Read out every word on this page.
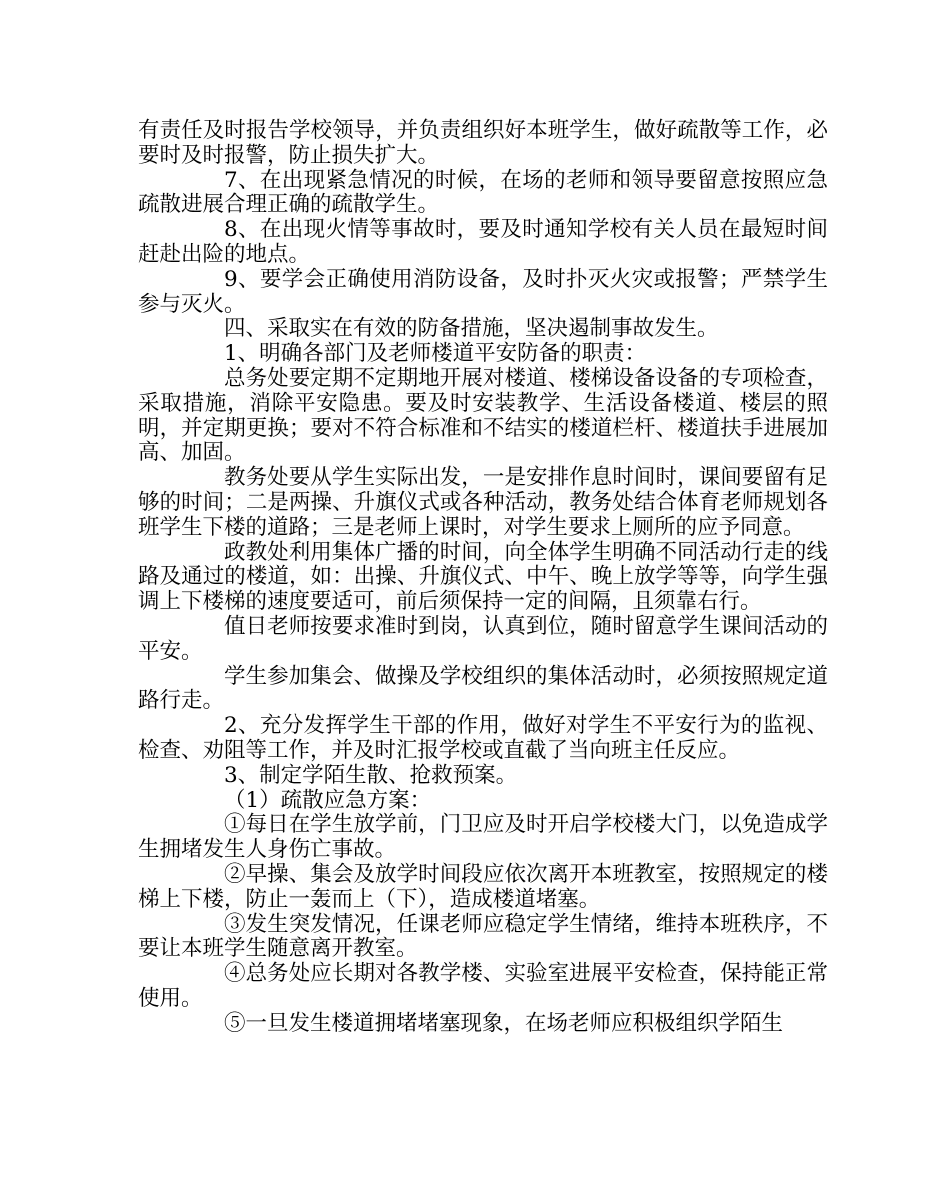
有责任及时报告学校领导，并负责组织好本班学生，做好疏散等工作，必要时及时报警，防止损失扩大。

7、在出现紧急情况的时候，在场的老师和领导要留意按照应急疏散进展合理正确的疏散学生。

8、在出现火情等事故时，要及时通知学校有关人员在最短时间赶赴出险的地点。

9、要学会正确使用消防设备，及时扑灭火灾或报警；严禁学生参与灭火。

四、采取实在有效的防备措施，坚决遏制事故发生。

1、明确各部门及老师楼道平安防备的职责：

总务处要定期不定期地开展对楼道、楼梯设备设备的专项检查，采取措施，消除平安隐患。要及时安装教学、生活设备楼道、楼层的照明，并定期更换；要对不符合标准和不结实的楼道栏杆、楼道扶手进展加高、加固。

教务处要从学生实际出发，一是安排作息时间时，课间要留有足够的时间；二是两操、升旗仪式或各种活动，教务处结合体育老师规划各班学生下楼的道路；三是老师上课时，对学生要求上厕所的应予同意。

政教处利用集体广播的时间，向全体学生明确不同活动行走的线路及通过的楼道，如：出操、升旗仪式、中午、晚上放学等等，向学生强调上下楼梯的速度要适可，前后须保持一定的间隔，且须靠右行。

值日老师按要求准时到岗，认真到位，随时留意学生课间活动的平安。

学生参加集会、做操及学校组织的集体活动时，必须按照规定道路行走。

2、充分发挥学生干部的作用，做好对学生不平安行为的监视、检查、劝阻等工作，并及时汇报学校或直截了当向班主任反应。

3、制定学陌生散、抢救预案。

（1）疏散应急方案：

①每日在学生放学前，门卫应及时开启学校楼大门，以免造成学生拥堵发生人身伤亡事故。

②早操、集会及放学时间段应依次离开本班教室，按照规定的楼梯上下楼，防止一轰而上（下），造成楼道堵塞。

③发生突发情况，任课老师应稳定学生情绪，维持本班秩序，不要让本班学生随意离开教室。

④总务处应长期对各教学楼、实验室进展平安检查，保持能正常使用。

⑤一旦发生楼道拥堵堵塞现象，在场老师应积极组织学陌生
